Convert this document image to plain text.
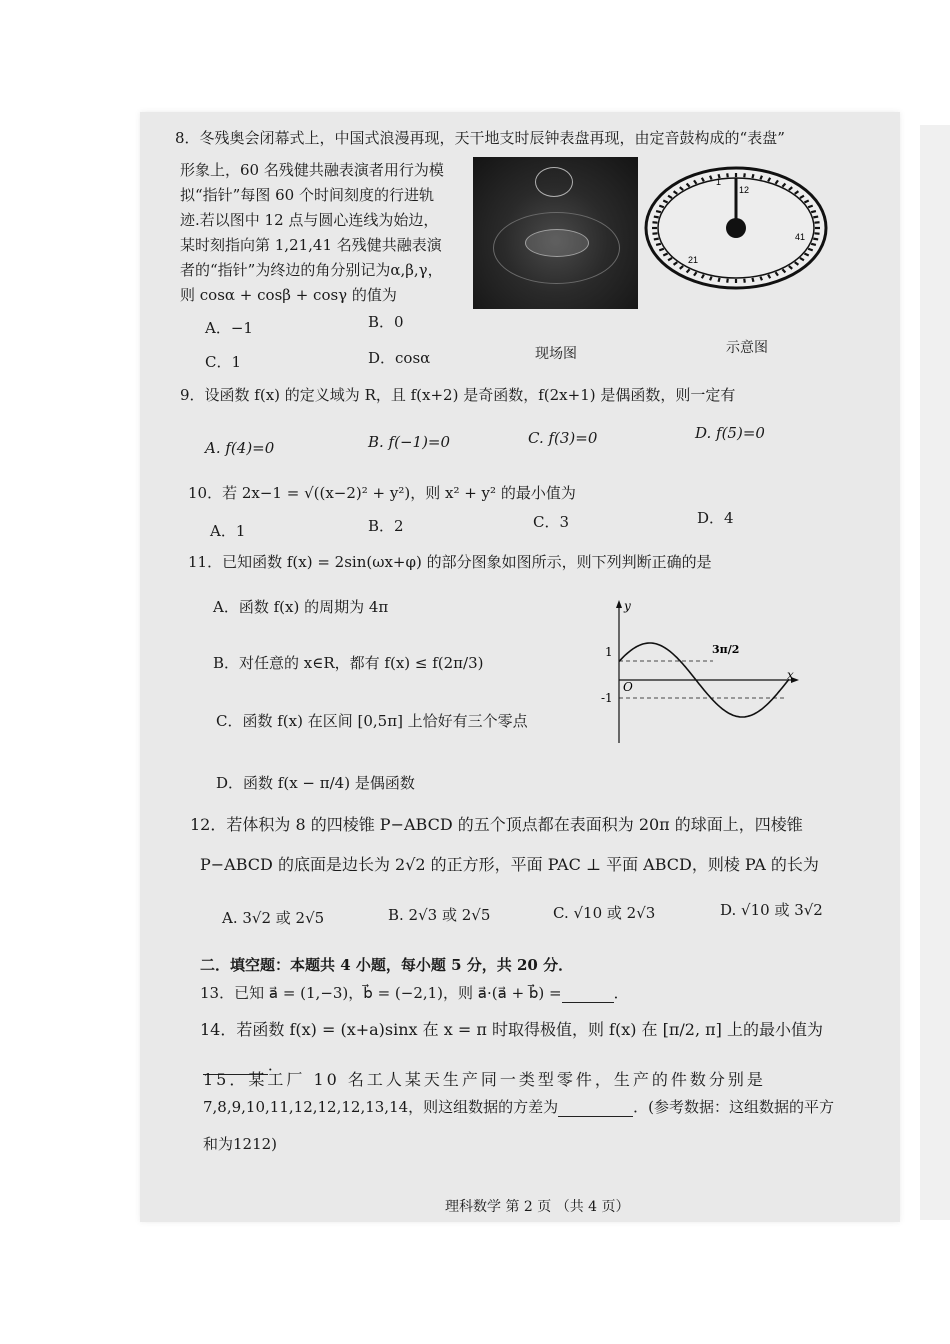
8．冬残奥会闭幕式上，中国式浪漫再现，天干地支时辰钟表盘再现，由定音鼓构成的“表盘”
形象上，60 名残健共融表演者用行为模
拟“指针”每图 60 个时间刻度的行进轨
迹.若以图中 12 点与圆心连线为始边，
某时刻指向第 1,21,41 名残健共融表演
者的“指针”为终边的角分别记为α,β,γ，
则 cosα + cosβ + cosγ 的值为
A．−1	B．0
C．1	D．cosα	现场图
1
12
41
21
示意图
9．设函数 f(x) 的定义域为 R，且 f(x+2) 是奇函数，f(2x+1) 是偶函数，则一定有
A. f(4)=0	B. f(−1)=0	C. f(3)=0	D. f(5)=0
10．若 2x−1 = √((x−2)² + y²)，则 x² + y² 的最小值为
A．1	B．2	C．3	D．4
11．已知函数 f(x) = 2sin(ωx+φ) 的部分图象如图所示，则下列判断正确的是
A．函数 f(x) 的周期为 4π
B．对任意的 x∈R，都有 f(x) ≤ f(2π/3)
C．函数 f(x) 在区间 [0,5π] 上恰好有三个零点
D．函数 f(x − π/4) 是偶函数
y
x
1
-1
O
3π/2
12．若体积为 8 的四棱锥 P−ABCD 的五个顶点都在表面积为 20π 的球面上，四棱锥
P−ABCD 的底面是边长为 2√2 的正方形，平面 PAC ⊥ 平面 ABCD，则棱 PA 的长为
A. 3√2 或 2√5	B. 2√3 或 2√5	C. √10 或 2√3	D. √10 或 3√2
二．填空题：本题共 4 小题，每小题 5 分，共 20 分．
13．已知 a⃗ = (1,−3)，b⃗ = (−2,1)，则 a⃗·(a⃗ + b⃗) =	．
14．若函数 f(x) = (x+a)sinx 在 x = π 时取得极值，则 f(x) 在 [π/2, π] 上的最小值为
．
15．某工厂 10 名工人某天生产同一类型零件，生产的件数分别是
7,8,9,10,11,12,12,12,13,14，则这组数据的方差为	．(参考数据：这组数据的平方
和为1212)
理科数学 第 2 页 （共 4 页）
